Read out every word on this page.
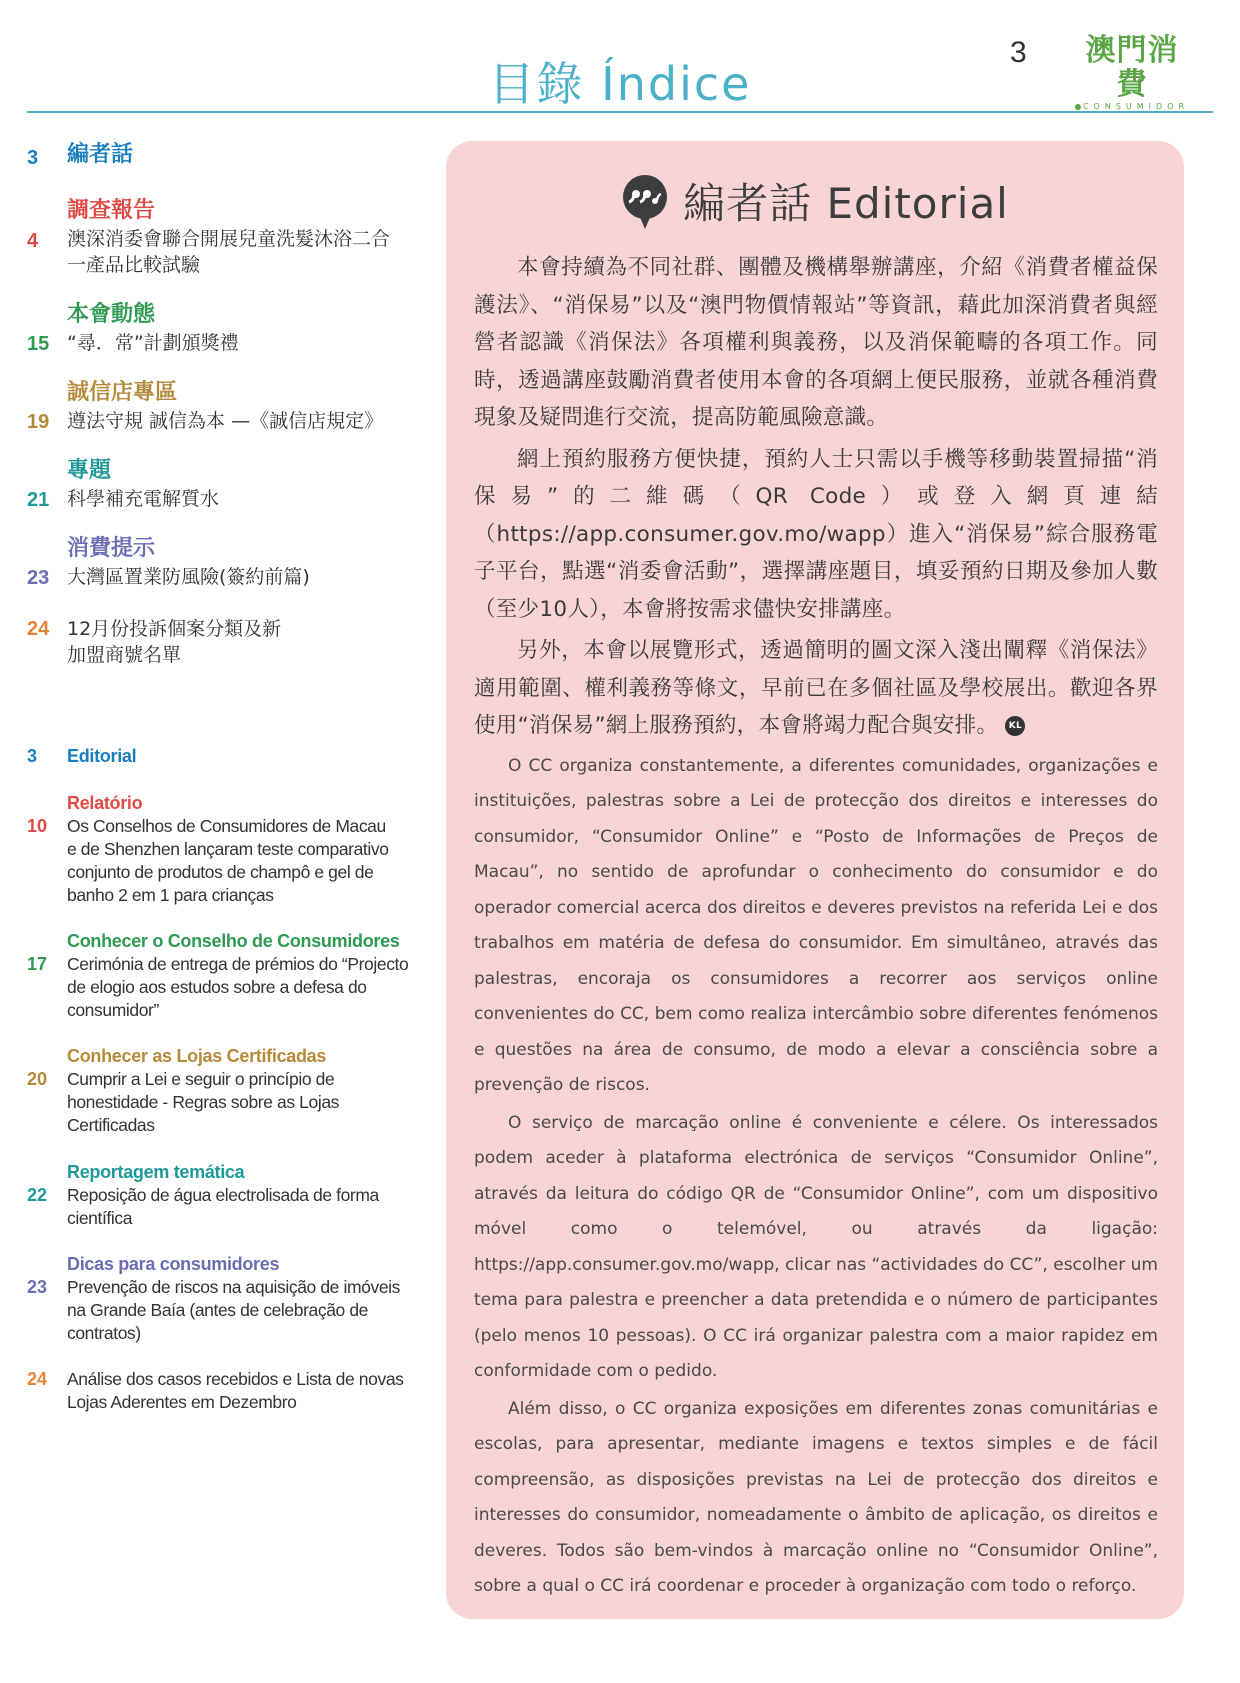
3	澳門消費
CONSUMIDOR
目錄 Índice
3 編者話
4
調查報告
澳深消委會聯合開展兒童洗髮沐浴二合一產品比較試驗
15
本會動態
“尋．常”計劃頒獎禮
19
誠信店專區
遵法守規 誠信為本 —《誠信店規定》
21
專題
科學補充電解質水
23
消費提示
大灣區置業防風險(簽約前篇)
24 12月份投訴個案分類及新加盟商號名單
3 Editorial
10
Relatório
Os Conselhos de Consumidores de Macau e de Shenzhen lançaram teste comparativo conjunto de produtos de champô e gel de banho 2 em 1 para crianças
17
Conhecer o Conselho de Consumidores
Cerimónia de entrega de prémios do “Projecto de elogio aos estudos sobre a defesa do consumidor”
20
Conhecer as Lojas Certificadas
Cumprir a Lei e seguir o princípio de honestidade - Regras sobre as Lojas Certificadas
22
Reportagem temática
Reposição de água electrolisada de forma científica
23
Dicas para consumidores
Prevenção de riscos na aquisição de imóveis na Grande Baía (antes de celebração de contratos)
24 Análise dos casos recebidos e Lista de novas Lojas Aderentes em Dezembro
編者話 Editorial

本會持續為不同社群、團體及機構舉辦講座，介紹《消費者權益保護法》、“消保易”以及“澳門物價情報站”等資訊，藉此加深消費者與經營者認識《消保法》各項權利與義務，以及消保範疇的各項工作。同時，透過講座鼓勵消費者使用本會的各項網上便民服務，並就各種消費現象及疑問進行交流，提高防範風險意識。

網上預約服務方便快捷，預約人士只需以手機等移動裝置掃描“消保易”的二維碼（QR Code）或登入網頁連結（https://app.consumer.gov.mo/wapp）進入“消保易”綜合服務電子平台，點選“消委會活動”，選擇講座題目，填妥預約日期及參加人數（至少10人），本會將按需求儘快安排講座。

另外，本會以展覽形式，透過簡明的圖文深入淺出闡釋《消保法》適用範圍、權利義務等條文，早前已在多個社區及學校展出。歡迎各界使用“消保易”網上服務預約，本會將竭力配合與安排。 KL

O CC organiza constantemente, a diferentes comunidades, organizações e instituições, palestras sobre a Lei de protecção dos direitos e interesses do consumidor, “Consumidor Online” e “Posto de Informações de Preços de Macau”, no sentido de aprofundar o conhecimento do consumidor e do operador comercial acerca dos direitos e deveres previstos na referida Lei e dos trabalhos em matéria de defesa do consumidor. Em simultâneo, através das palestras, encoraja os consumidores a recorrer aos serviços online convenientes do CC, bem como realiza intercâmbio sobre diferentes fenómenos e questões na área de consumo, de modo a elevar a consciência sobre a prevenção de riscos.

O serviço de marcação online é conveniente e célere. Os interessados podem aceder à plataforma electrónica de serviços “Consumidor Online”, através da leitura do código QR de “Consumidor Online”, com um dispositivo móvel como o telemóvel, ou através da ligação: https://app.consumer.gov.mo/wapp, clicar nas “actividades do CC”, escolher um tema para palestra e preencher a data pretendida e o número de participantes (pelo menos 10 pessoas). O CC irá organizar palestra com a maior rapidez em conformidade com o pedido.

Além disso, o CC organiza exposições em diferentes zonas comunitárias e escolas, para apresentar, mediante imagens e textos simples e de fácil compreensão, as disposições previstas na Lei de protecção dos direitos e interesses do consumidor, nomeadamente o âmbito de aplicação, os direitos e deveres. Todos são bem-vindos à marcação online no “Consumidor Online”, sobre a qual o CC irá coordenar e proceder à organização com todo o reforço.
